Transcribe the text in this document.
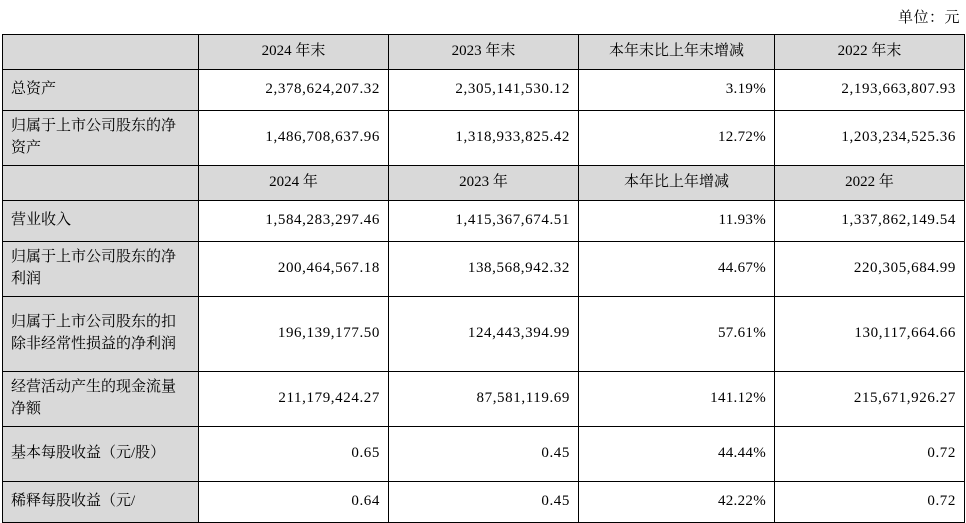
单位：元
	2024 年末	2023 年末	本年末比上年末增减	2022 年末
总资产	2,378,624,207.32	2,305,141,530.12	3.19%	2,193,663,807.93
归属于上市公司股东的净资产	1,486,708,637.96	1,318,933,825.42	12.72%	1,203,234,525.36
	2024 年	2023 年	本年比上年增减	2022 年
营业收入	1,584,283,297.46	1,415,367,674.51	11.93%	1,337,862,149.54
归属于上市公司股东的净利润	200,464,567.18	138,568,942.32	44.67%	220,305,684.99
归属于上市公司股东的扣除非经常性损益的净利润	196,139,177.50	124,443,394.99	57.61%	130,117,664.66
经营活动产生的现金流量净额	211,179,424.27	87,581,119.69	141.12%	215,671,926.27
基本每股收益（元/股）	0.65	0.45	44.44%	0.72
稀释每股收益（元/	0.64	0.45	42.22%	0.72
